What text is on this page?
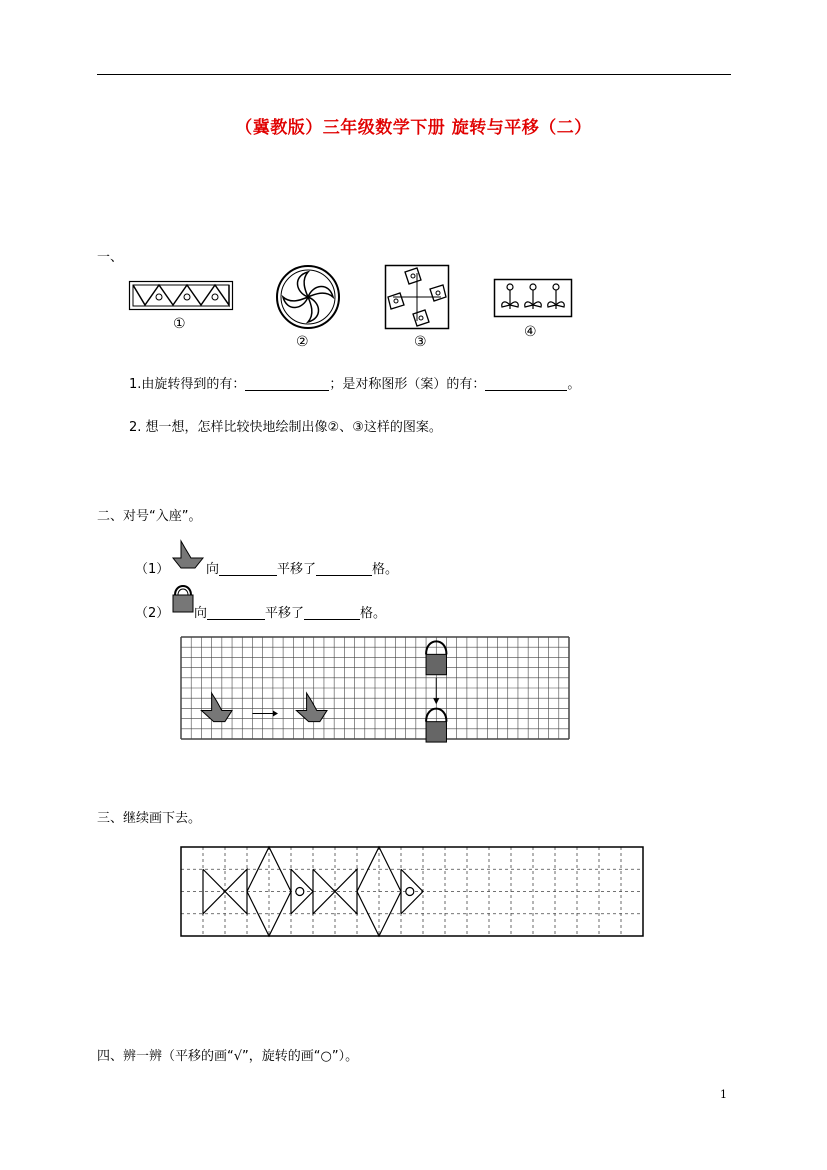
（冀教版）三年级数学下册 旋转与平移（二）
一、
①
②	③
④
1.由旋转得到的有：	；是对称图形（案）的有：	。
2. 想一想，怎样比较快地绘制出像②、③这样的图案。
二、对号“入座”。
（1）	向	平移了	格。
（2） 向	平移了	格。
三、继续画下去。
四、辨一辨（平移的画“√”，旋转的画“○”）。
1
